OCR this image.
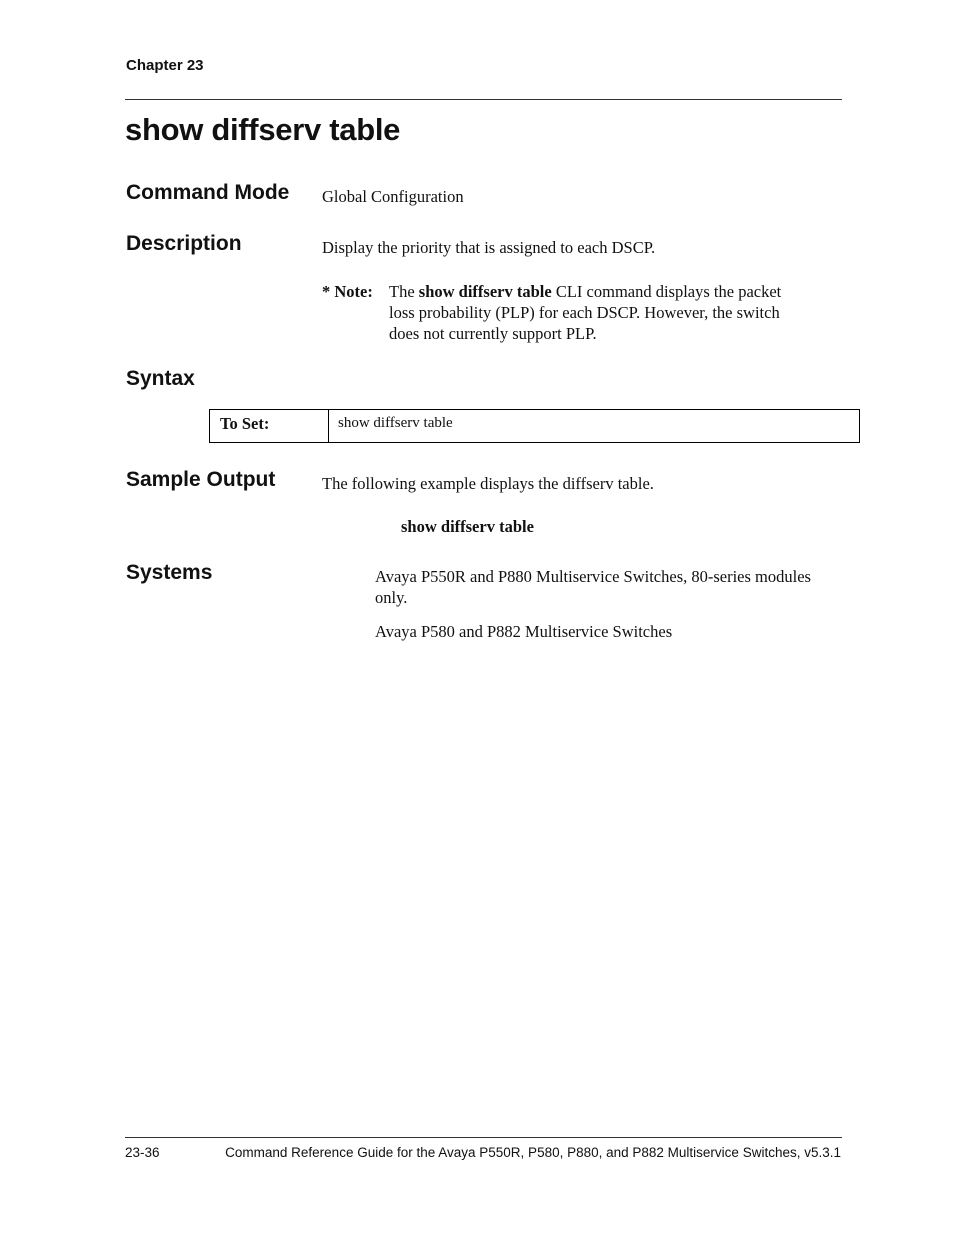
Chapter 23
show diffserv table
Command Mode Global Configuration
Description	Display the priority that is assigned to each DSCP.
* Note: The show diffserv table CLI command displays the packet loss probability (PLP) for each DSCP. However, the switch does not currently support PLP.
Syntax
To Set:	show diffserv table
Sample Output	The following example displays the diffserv table.
show diffserv table
Systems	Avaya P550R and P880 Multiservice Switches, 80-series modules only.
Avaya P580 and P882 Multiservice Switches
23-36	Command Reference Guide for the Avaya P550R, P580, P880, and P882 Multiservice Switches, v5.3.1
